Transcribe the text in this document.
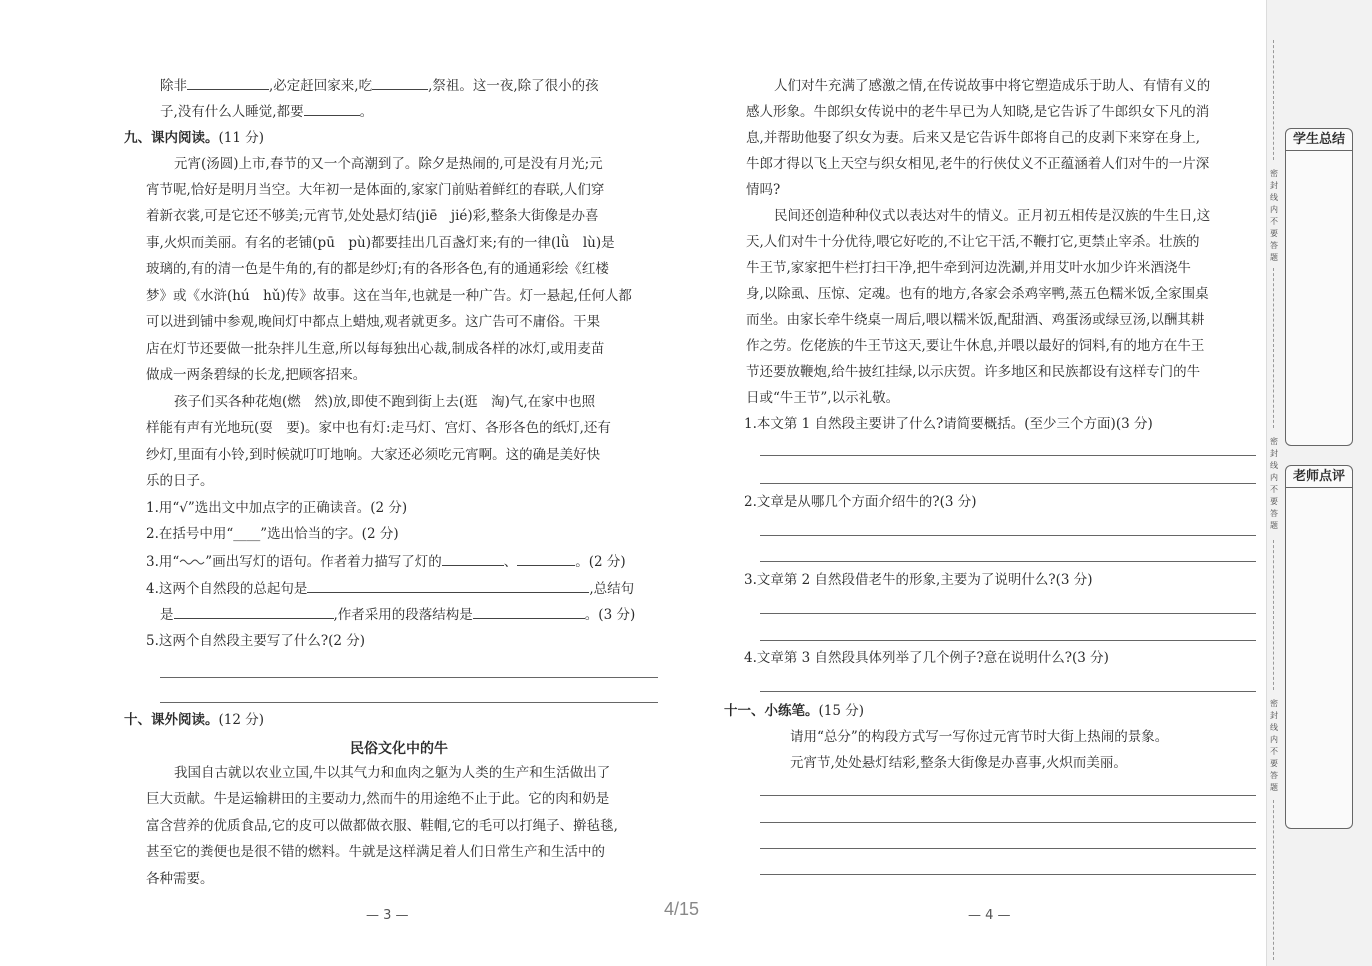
除非	,必定赶回家来,吃	,祭祖。这一夜,除了很小的孩
子,没有什么人睡觉,都要	。
九、课内阅读。(11 分)
元宵(汤圆)上市,春节的又一个高潮到了。除夕是热闹的,可是没有月光;元
宵节呢,恰好是明月当空。大年初一是体面的,家家门前贴着鲜红的春联,人们穿
着新衣裳,可是它还不够美;元宵节,处处悬灯结(jiē　jié)彩,整条大街像是办喜
事,火炽而美丽。有名的老铺(pū　pù)都要挂出几百盏灯来;有的一律(lǜ　lù)是
玻璃的,有的清一色是牛角的,有的都是纱灯;有的各形各色,有的通通彩绘《红楼
梦》或《水浒(hú　hǔ)传》故事。这在当年,也就是一种广告。灯一悬起,任何人都
可以进到铺中参观,晚间灯中都点上蜡烛,观者就更多。这广告可不庸俗。干果
店在灯节还要做一批杂拌儿生意,所以每每独出心裁,制成各样的冰灯,或用麦苗
做成一两条碧绿的长龙,把顾客招来。
孩子们买各种花炮(燃　然)放,即使不跑到街上去(逛　淘)气,在家中也照
样能有声有光地玩(耍　要)。家中也有灯:走马灯、宫灯、各形各色的纸灯,还有
纱灯,里面有小铃,到时候就叮叮地响。大家还必须吃元宵啊。这的确是美好快
乐的日子。
1.用“√”选出文中加点字的正确读音。(2 分)
2.在括号中用“____”选出恰当的字。(2 分)
3.用“ ”画出写灯的语句。作者着力描写了灯的	、	。(2 分)
4.这两个自然段的总起句是	,总结句
是	,作者采用的段落结构是	。(3 分)
5.这两个自然段主要写了什么?(2 分)
十、课外阅读。(12 分)
民俗文化中的牛
我国自古就以农业立国,牛以其气力和血肉之躯为人类的生产和生活做出了
巨大贡献。牛是运输耕田的主要动力,然而牛的用途绝不止于此。它的肉和奶是
富含营养的优质食品,它的皮可以做都做衣服、鞋帽,它的毛可以打绳子、擀毡毯,
甚至它的粪便也是很不错的燃料。牛就是这样满足着人们日常生产和生活中的
各种需要。
— 3 —
人们对牛充满了感激之情,在传说故事中将它塑造成乐于助人、有情有义的
感人形象。牛郎织女传说中的老牛早已为人知晓,是它告诉了牛郎织女下凡的消
息,并帮助他娶了织女为妻。后来又是它告诉牛郎将自己的皮剥下来穿在身上,
牛郎才得以飞上天空与织女相见,老牛的行侠仗义不正蕴涵着人们对牛的一片深
情吗?
民间还创造种种仪式以表达对牛的情义。正月初五相传是汉族的牛生日,这
天,人们对牛十分优待,喂它好吃的,不让它干活,不鞭打它,更禁止宰杀。壮族的
牛王节,家家把牛栏打扫干净,把牛牵到河边洗涮,并用艾叶水加少许米酒浇牛
身,以除虱、压惊、定魂。也有的地方,各家会杀鸡宰鸭,蒸五色糯米饭,全家围桌
而坐。由家长牵牛绕桌一周后,喂以糯米饭,配甜酒、鸡蛋汤或绿豆汤,以酬其耕
作之劳。仡佬族的牛王节这天,要让牛休息,并喂以最好的饲料,有的地方在牛王
节还要放鞭炮,给牛披红挂绿,以示庆贺。许多地区和民族都设有这样专门的牛
日或“牛王节”,以示礼敬。
1.本文第 1 自然段主要讲了什么?请简要概括。(至少三个方面)(3 分)
2.文章是从哪几个方面介绍牛的?(3 分)
3.文章第 2 自然段借老牛的形象,主要为了说明什么?(3 分)
4.文章第 3 自然段具体列举了几个例子?意在说明什么?(3 分)
十一、小练笔。(15 分)
请用“总分”的构段方式写一写你过元宵节时大街上热闹的景象。
元宵节,处处悬灯结彩,整条大街像是办喜事,火炽而美丽。
— 4 —
4/15
密封线内不要答题
密封线内不要答题
密封线内不要答题
学生总结
老师点评
